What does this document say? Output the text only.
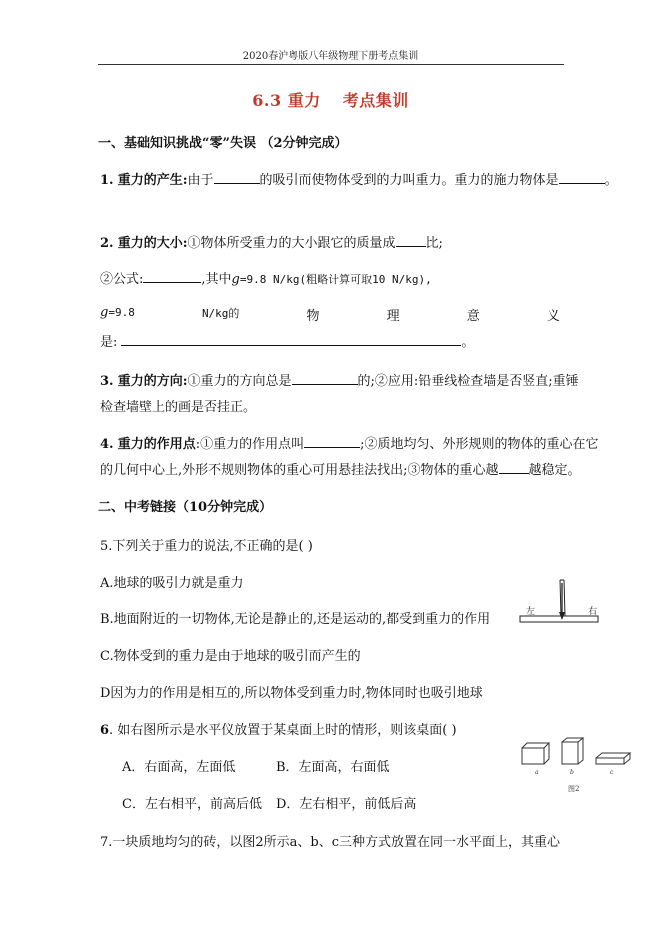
2020春沪粤版八年级物理下册考点集训
6.3 重力 考点集训
一、基础知识挑战“零”失误 （2分钟完成）
1. 重力的产生:由于	的吸引而使物体受到的力叫重力。重力的施力物体是	。
2. 重力的大小:①物体所受重力的大小跟它的质量成 比;
②公式:	,其中g=9.8 N/kg(粗略计算可取10 N/kg),
g=9.8	N/kg的	物	理	意	义
是:	。
3. 重力的方向:①重力的方向总是	的;②应用:铅垂线检查墙是否竖直;重锤
检查墙壁上的画是否挂正。
4. 重力的作用点:①重力的作用点叫	;②质地均匀、外形规则的物体的重心在它
的几何中心上,外形不规则物体的重心可用悬挂法找出;③物体的重心越 越稳定。
二、中考链接（10分钟完成）
5.下列关于重力的说法,不正确的是( )
A.地球的吸引力就是重力
B.地面附近的一切物体,无论是静止的,还是运动的,都受到重力的作用
C.物体受到的重力是由于地球的吸引而产生的
D因为力的作用是相互的,所以物体受到重力时,物体同时也吸引地球
左	右
6. 如右图所示是水平仪放置于某桌面上时的情形，则该桌面( )
A．右面高，左面低	B．左面高，右面低
C．左右相平，前高后低 D．左右相平，前低后高
a	b	c
图2
7.一块质地均匀的砖，以图2所示a、b、c三种方式放置在同一水平面上，其重心
